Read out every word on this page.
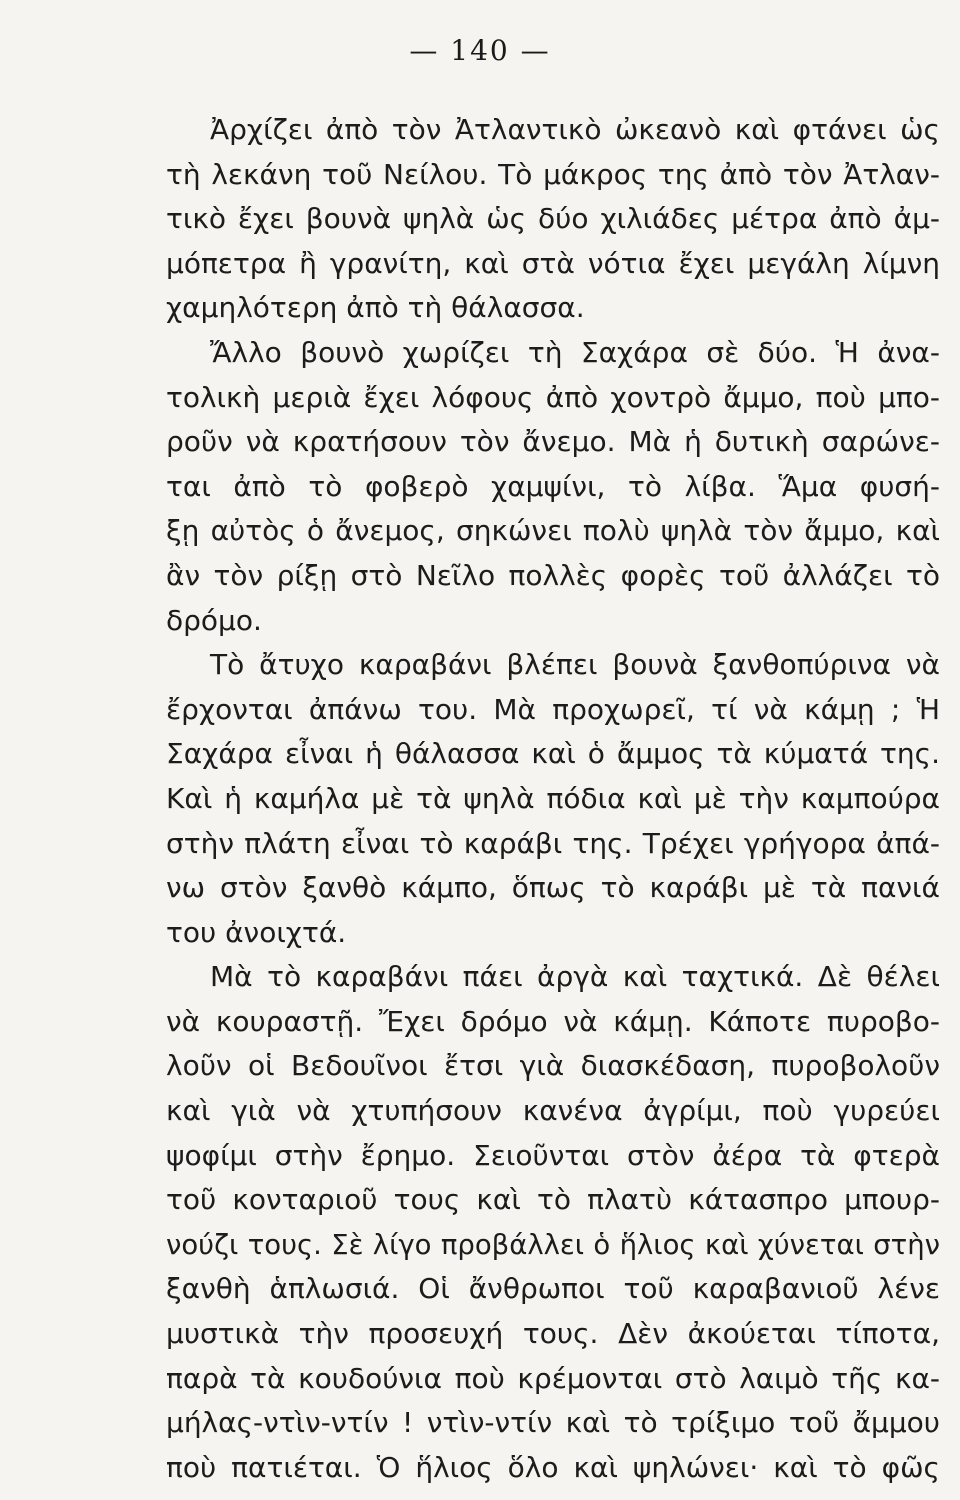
— 140 —
Ἀρχίζει ἀπὸ τὸν Ἀτλαντικὸ ὠκεανὸ καὶ φτάνει ὡς
τὴ λεκάνη τοῦ Νείλου. Τὸ μάκρος της ἀπὸ τὸν Ἀτλαν-
τικὸ ἔχει βουνὰ ψηλὰ ὡς δύο χιλιάδες μέτρα ἀπὸ ἀμ-
μόπετρα ἢ γρανίτη, καὶ στὰ νότια ἔχει μεγάλη λίμνη
χαμηλότερη ἀπὸ τὴ θάλασσα.
Ἄλλο βουνὸ χωρίζει τὴ Σαχάρα σὲ δύο. Ἡ ἀνα-
τολικὴ μεριὰ ἔχει λόφους ἀπὸ χοντρὸ ἄμμο, ποὺ μπο-
ροῦν νὰ κρατήσουν τὸν ἄνεμο. Μὰ ἡ δυτικὴ σαρώνε-
ται ἀπὸ τὸ φοβερὸ χαμψίνι, τὸ λίβα. Ἅμα φυσή-
ξῃ αὐτὸς ὁ ἄνεμος, σηκώνει πολὺ ψηλὰ τὸν ἄμμο, καὶ
ἂν τὸν ρίξῃ στὸ Νεῖλο πολλὲς φορὲς τοῦ ἀλλάζει τὸ
δρόμο.
Τὸ ἄτυχο καραβάνι βλέπει βουνὰ ξανθοπύρινα νὰ
ἔρχονται ἀπάνω του. Μὰ προχωρεῖ, τί νὰ κάμῃ ; Ἡ
Σαχάρα εἶναι ἡ θάλασσα καὶ ὁ ἄμμος τὰ κύματά της.
Καὶ ἡ καμήλα μὲ τὰ ψηλὰ πόδια καὶ μὲ τὴν καμπούρα
στὴν πλάτη εἶναι τὸ καράβι της. Τρέχει γρήγορα ἀπά-
νω στὸν ξανθὸ κάμπο, ὅπως τὸ καράβι μὲ τὰ πανιά
του ἀνοιχτά.
Μὰ τὸ καραβάνι πάει ἀργὰ καὶ ταχτικά. Δὲ θέλει
νὰ κουραστῇ. Ἔχει δρόμο νὰ κάμῃ. Κάποτε πυροβο-
λοῦν οἱ Βεδουῖνοι ἔτσι γιὰ διασκέδαση, πυροβολοῦν
καὶ γιὰ νὰ χτυπήσουν κανένα ἀγρίμι, ποὺ γυρεύει
ψοφίμι στὴν ἔρημο. Σειοῦνται στὸν ἀέρα τὰ φτερὰ
τοῦ κονταριοῦ τους καὶ τὸ πλατὺ κάτασπρο μπουρ-
νούζι τους. Σὲ λίγο προβάλλει ὁ ἥλιος καὶ χύνεται στὴν
ξανθὴ ἁπλωσιά. Οἱ ἄνθρωποι τοῦ καραβανιοῦ λένε
μυστικὰ τὴν προσευχή τους. Δὲν ἀκούεται τίποτα,
παρὰ τὰ κουδούνια ποὺ κρέμονται στὸ λαιμὸ τῆς κα-
μήλας-ντὶν-ντίν ! ντὶν-ντίν καὶ τὸ τρίξιμο τοῦ ἄμμου
ποὺ πατιέται. Ὁ ἥλιος ὅλο καὶ ψηλώνει· καὶ τὸ φῶς
